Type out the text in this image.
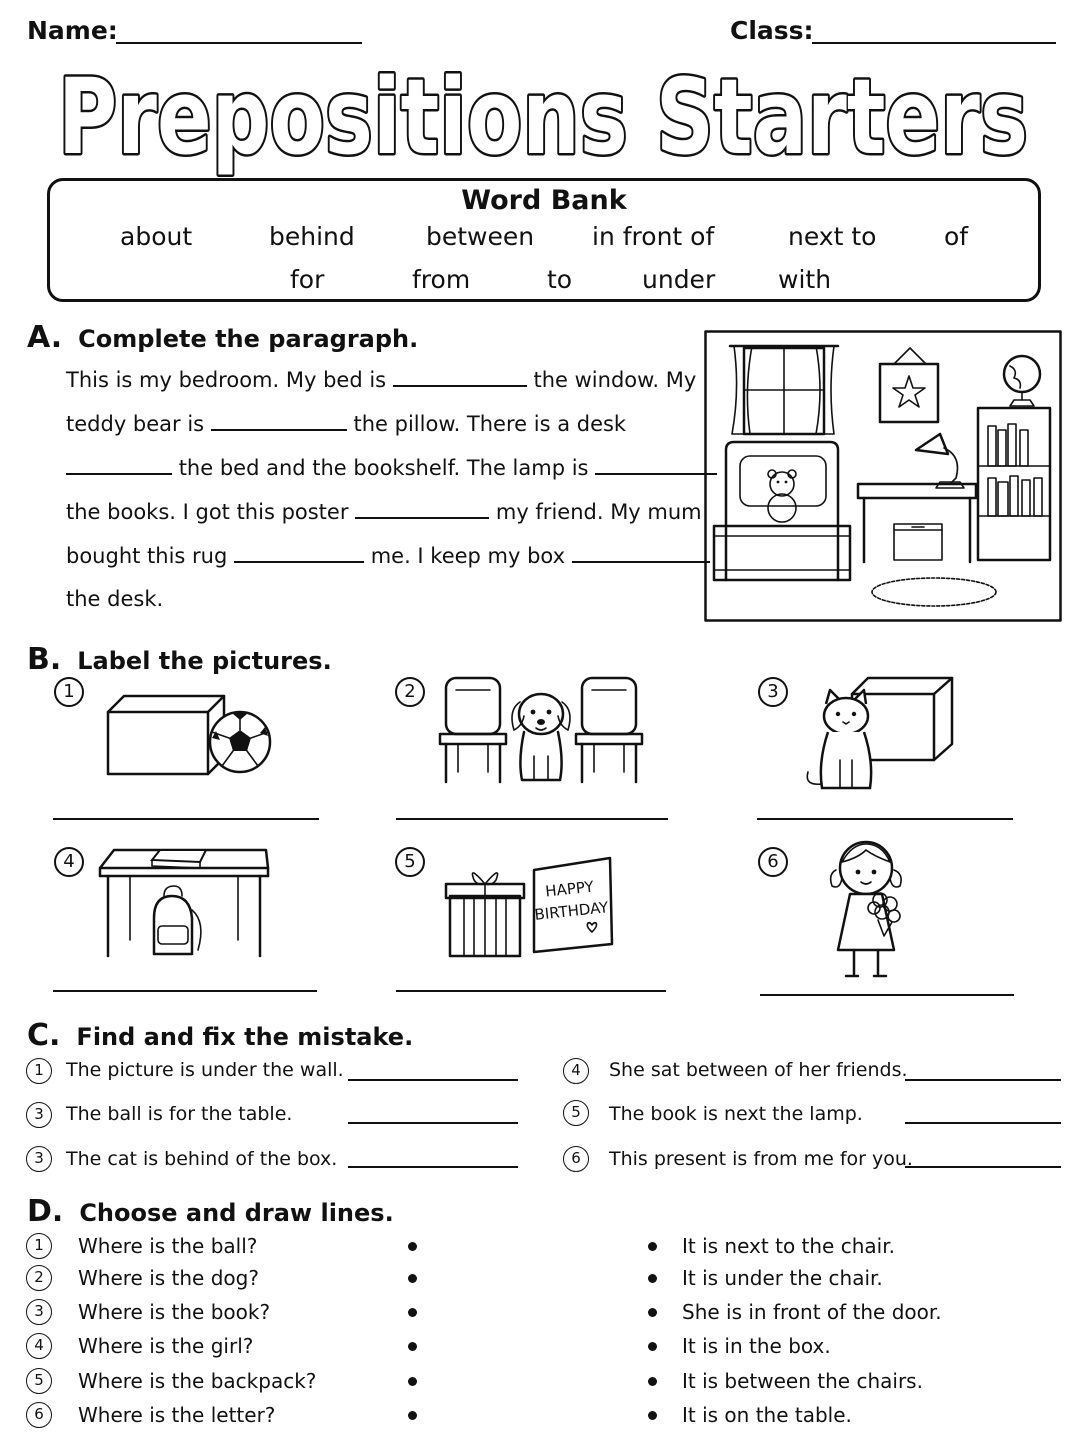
Name:	Class:
Prepositions Starters
Word Bank
about	behind	between in front of	next to	of
for	from	to	under	with
A. Complete the paragraph.
This is my bedroom. My bed is	the window. My
teddy bear is	the pillow. There is a desk
the bed and the bookshelf. The lamp is
the books. I got this poster	my friend. My mum
bought this rug	me. I keep my box
the desk.
B. Label the pictures.
1	2	3
4	5	6
HAPPY
BIRTHDAY
C. Find and fix the mistake.
1	The picture is under the wall.
3	The ball is for the table.
3	The cat is behind of the box.
4	She sat between of her friends.
5	The book is next the lamp.
6	This present is from me for you.
D. Choose and draw lines.
1	Where is the ball?	It is next to the chair.
2	Where is the dog?	It is under the chair.
3	Where is the book?	She is in front of the door.
4	Where is the girl?	It is in the box.
5	Where is the backpack?	It is between the chairs.
6	Where is the letter?	It is on the table.
